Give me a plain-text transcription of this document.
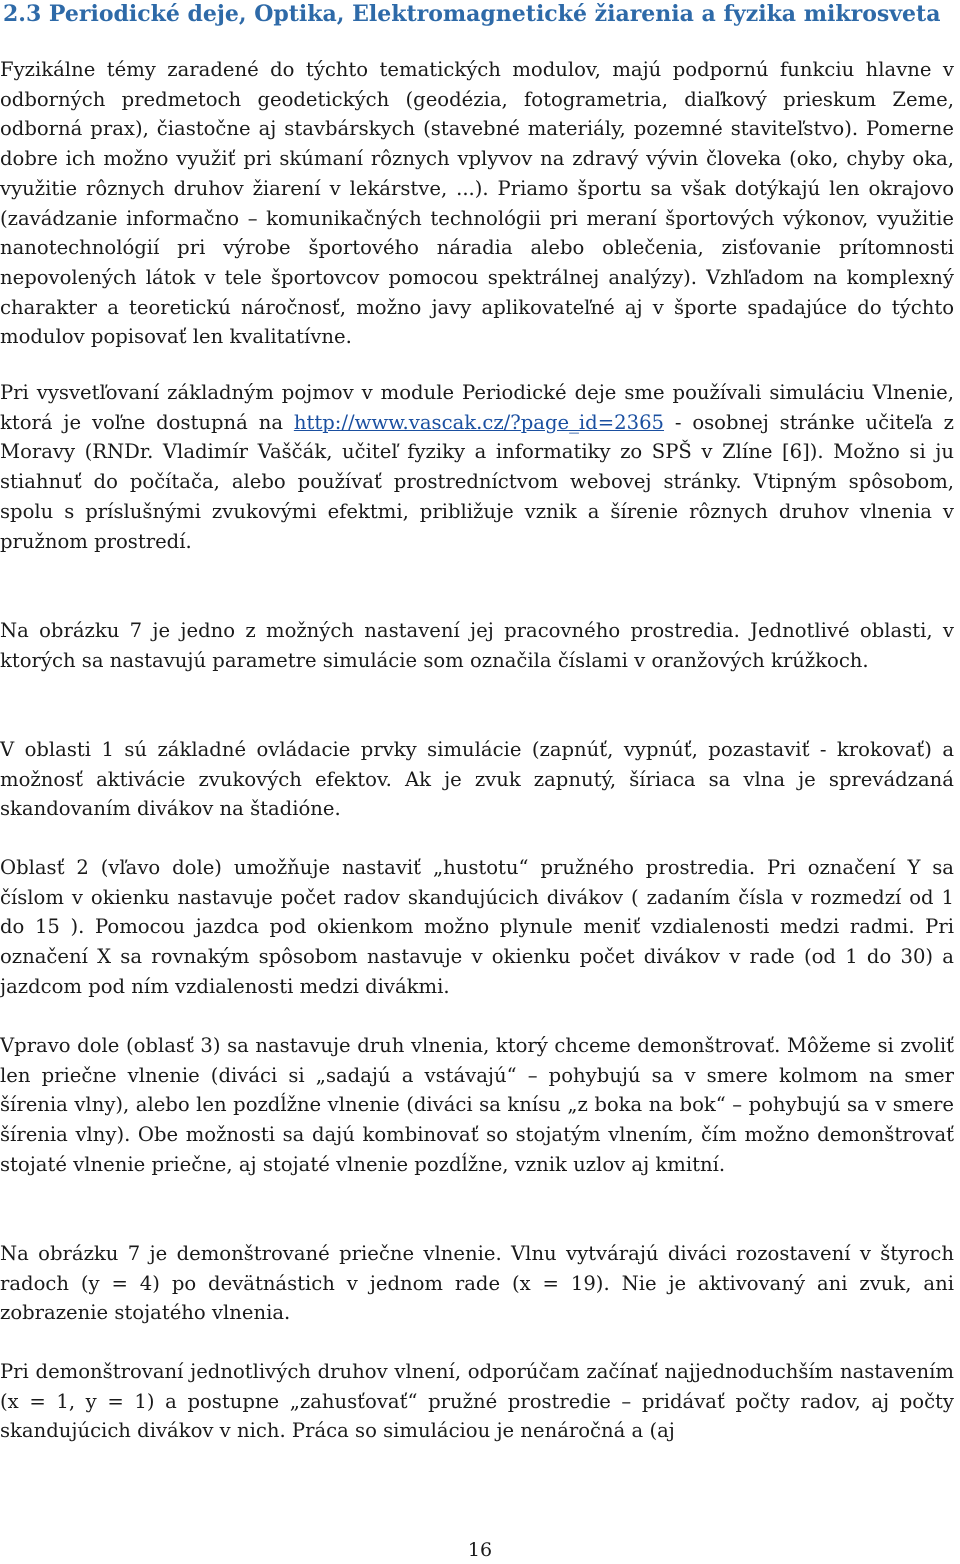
2.3 Periodické deje, Optika, Elektromagnetické žiarenia a fyzika mikrosveta

Fyzikálne témy zaradené do týchto tematických modulov, majú podpornú funkciu hlavne v odborných predmetoch geodetických (geodézia, fotogrametria, diaľkový prieskum Zeme, odborná prax), čiastočne aj stavbárskych (stavebné materiály, pozemné staviteľstvo). Pomerne dobre ich možno využiť pri skúmaní rôznych vplyvov na zdravý vývin človeka (oko, chyby oka, využitie rôznych druhov žiarení v lekárstve, ...). Priamo športu sa však dotýkajú len okrajovo (zavádzanie informačno – komunikačných technológii pri meraní športových výkonov, využitie nanotechnológií pri výrobe športového náradia alebo oblečenia, zisťovanie prítomnosti nepovolených látok v tele športovcov pomocou spektrálnej analýzy). Vzhľadom na komplexný charakter a teoretickú náročnosť, možno javy aplikovateľné aj v športe spadajúce do týchto modulov popisovať len kvalitatívne.

Pri vysvetľovaní základným pojmov v module Periodické deje sme používali simuláciu Vlnenie, ktorá je voľne dostupná na http://www.vascak.cz/?page_id=2365 - osobnej stránke učiteľa z Moravy (RNDr. Vladimír Vaščák, učiteľ fyziky a informatiky zo SPŠ v Zlíne [6]). Možno si ju stiahnuť do počítača, alebo používať prostredníctvom webovej stránky. Vtipným spôsobom, spolu s príslušnými zvukovými efektmi, približuje vznik a šírenie rôznych druhov vlnenia v pružnom prostredí.

Na obrázku 7 je jedno z možných nastavení jej pracovného prostredia. Jednotlivé oblasti, v ktorých sa nastavujú parametre simulácie som označila číslami v oranžových krúžkoch.

V oblasti 1 sú základné ovládacie prvky simulácie (zapnúť, vypnúť, pozastaviť - krokovať) a možnosť aktivácie zvukových efektov. Ak je zvuk zapnutý, šíriaca sa vlna je sprevádzaná skandovaním divákov na štadióne.

Oblasť 2 (vľavo dole) umožňuje nastaviť „hustotu“ pružného prostredia. Pri označení Y sa číslom v okienku nastavuje počet radov skandujúcich divákov ( zadaním čísla v rozmedzí od 1 do 15 ). Pomocou jazdca pod okienkom možno plynule meniť vzdialenosti medzi radmi. Pri označení X sa rovnakým spôsobom nastavuje v okienku počet divákov v rade (od 1 do 30) a jazdcom pod ním vzdialenosti medzi divákmi.

Vpravo dole (oblasť 3) sa nastavuje druh vlnenia, ktorý chceme demonštrovať. Môžeme si zvoliť len priečne vlnenie (diváci si „sadajú a vstávajú“ – pohybujú sa v smere kolmom na smer šírenia vlny), alebo len pozdĺžne vlnenie (diváci sa knísu „z boka na bok“ – pohybujú sa v smere šírenia vlny). Obe možnosti sa dajú kombinovať so stojatým vlnením, čím možno demonštrovať stojaté vlnenie priečne, aj stojaté vlnenie pozdĺžne, vznik uzlov aj kmitní.

Na obrázku 7 je demonštrované priečne vlnenie. Vlnu vytvárajú diváci rozostavení v štyroch radoch (y = 4) po devätnástich v jednom rade (x = 19). Nie je aktivovaný ani zvuk, ani zobrazenie stojatého vlnenia.

Pri demonštrovaní jednotlivých druhov vlnení, odporúčam začínať najjednoduchším nastavením (x = 1, y = 1) a postupne „zahusťovať“ pružné prostredie – pridávať počty radov, aj počty skandujúcich divákov v nich. Práca so simuláciou je nenáročná a (aj

16
